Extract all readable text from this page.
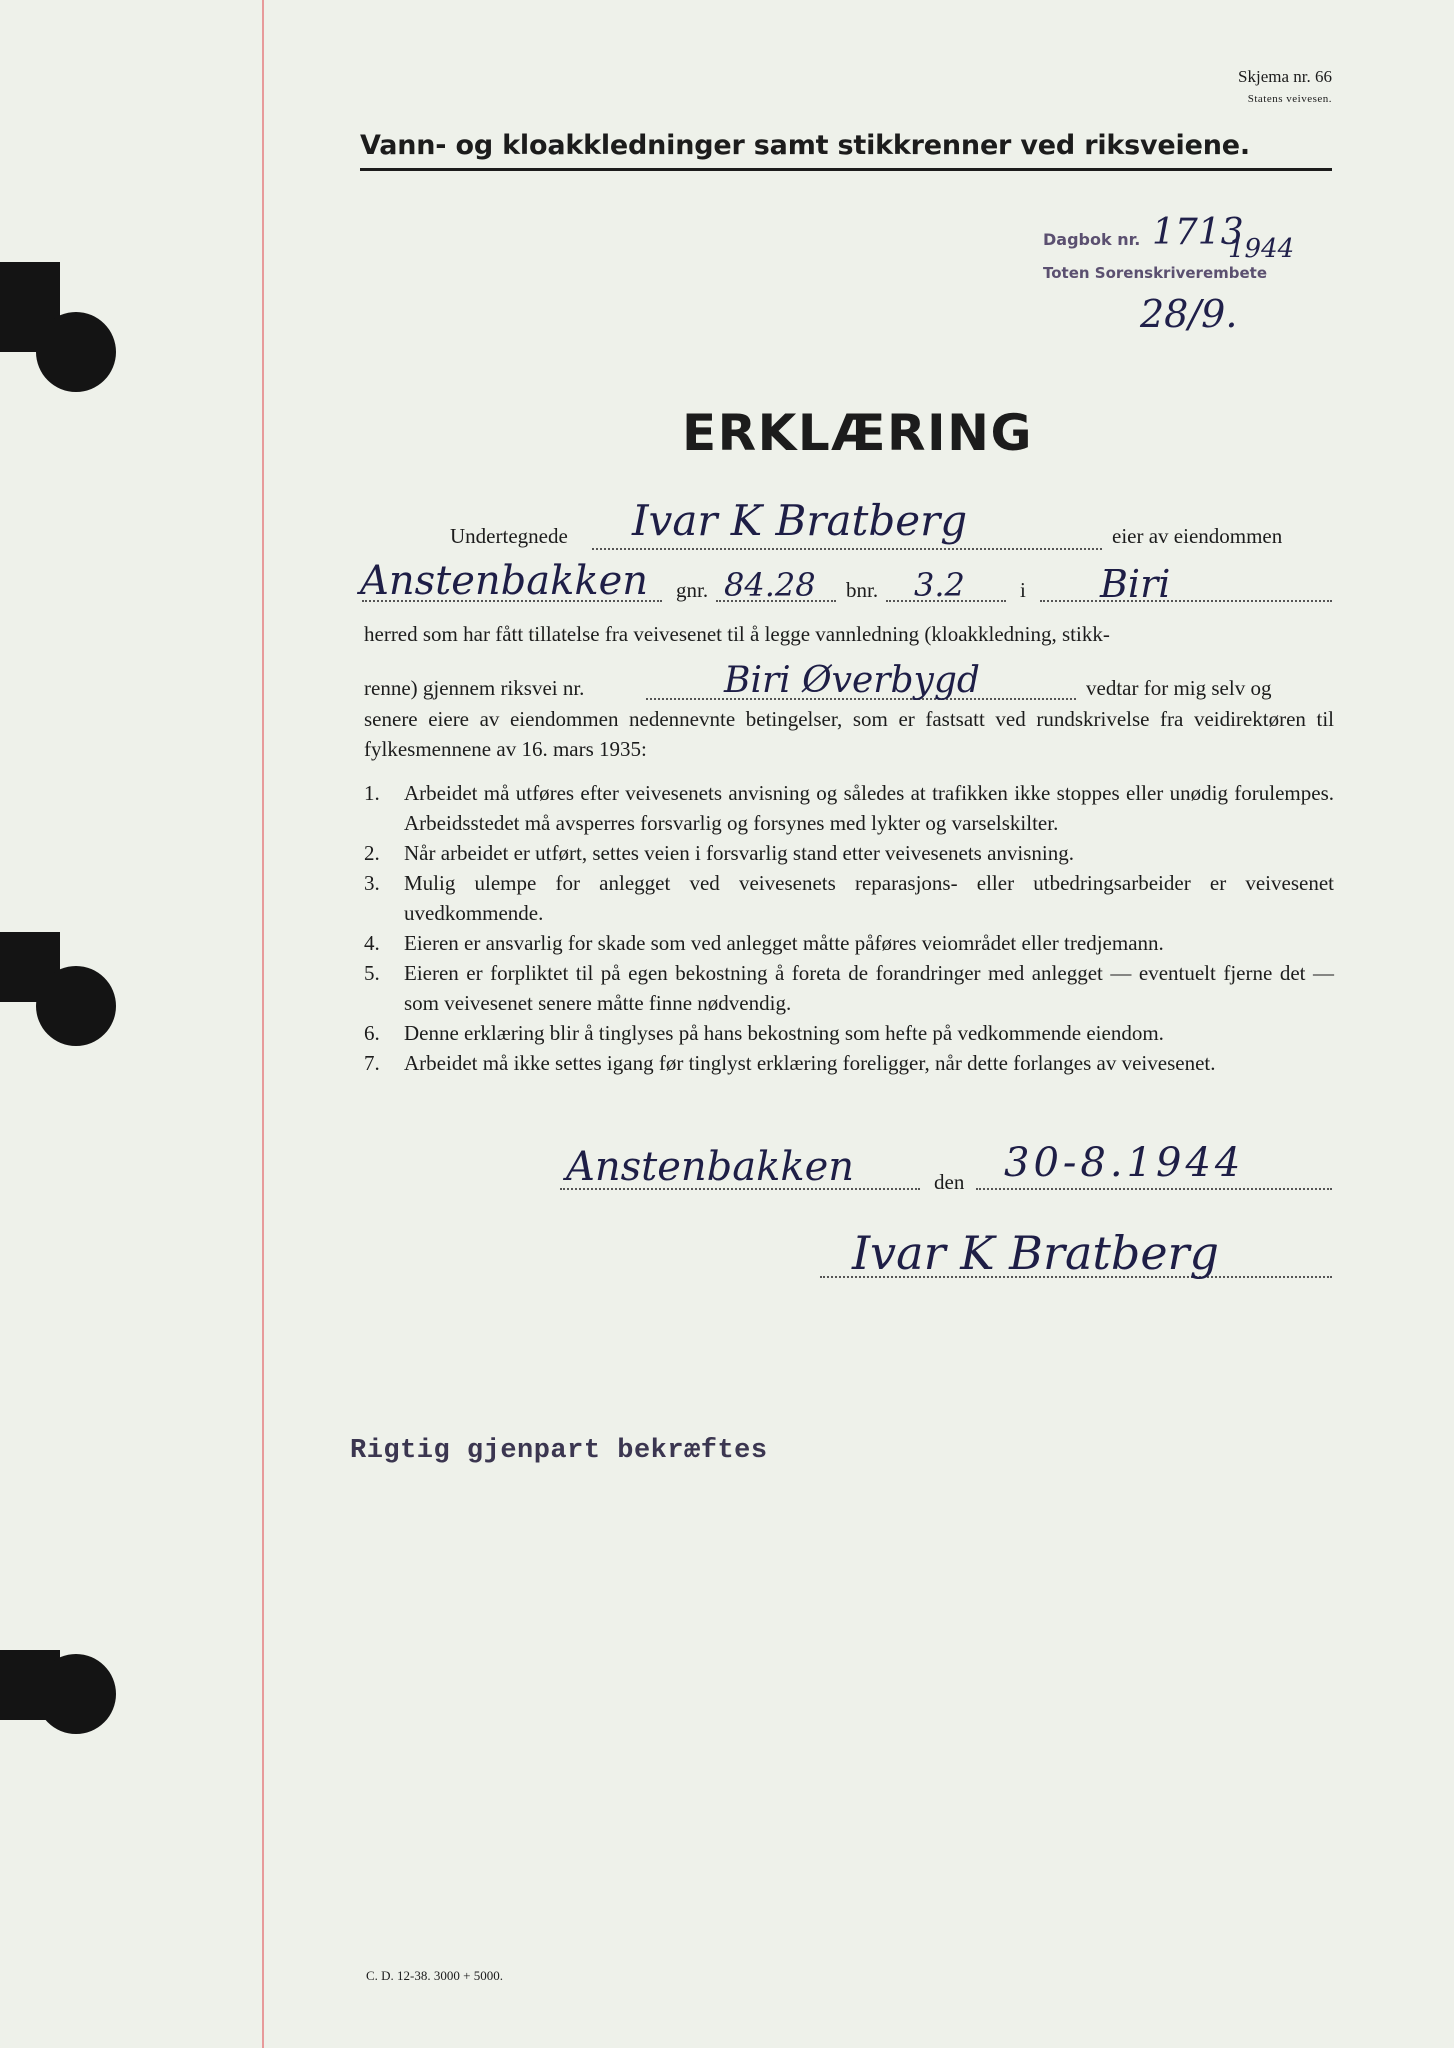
Skjema nr. 66
Statens veivesen.
Vann- og kloakkledninger samt stikkrenner ved riksveiene.
Dagbok nr. 1713
1944
Toten Sorenskriverembete
28/9.
ERKLÆRING
Undertegnede Ivar K Bratberg	eier av eiendommen
Anstenbakken gnr. 84.28 bnr. 3.2	i Biri
herred som har fått tillatelse fra veivesenet til å legge vannledning (kloakkledning, stikk-
renne) gjennem riksvei nr.	Biri Øverbygd	vedtar for mig selv og
senere eiere av eiendommen nedennevnte betingelser, som er fastsatt ved rundskrivelse fra veidirektøren til fylkesmennene av 16. mars 1935:
1. Arbeidet må utføres efter veivesenets anvisning og således at trafikken ikke stoppes eller unødig forulempes. Arbeidsstedet må avsperres forsvarlig og forsynes med lykter og varselskilter.
2. Når arbeidet er utført, settes veien i forsvarlig stand etter veivesenets anvisning.
3. Mulig ulempe for anlegget ved veivesenets reparasjons- eller utbedringsarbeider er veivesenet uvedkommende.
4. Eieren er ansvarlig for skade som ved anlegget måtte påføres veiområdet eller tredjemann.
5. Eieren er forpliktet til på egen bekostning å foreta de forandringer med anlegget — eventuelt fjerne det — som veivesenet senere måtte finne nødvendig.
6. Denne erklæring blir å tinglyses på hans bekostning som hefte på vedkommende eiendom.
7. Arbeidet må ikke settes igang før tinglyst erklæring foreligger, når dette forlanges av veivesenet.
Anstenbakken	den 30-8.1944
Ivar K Bratberg
Rigtig gjenpart bekræftes
C. D. 12-38. 3000 + 5000.
